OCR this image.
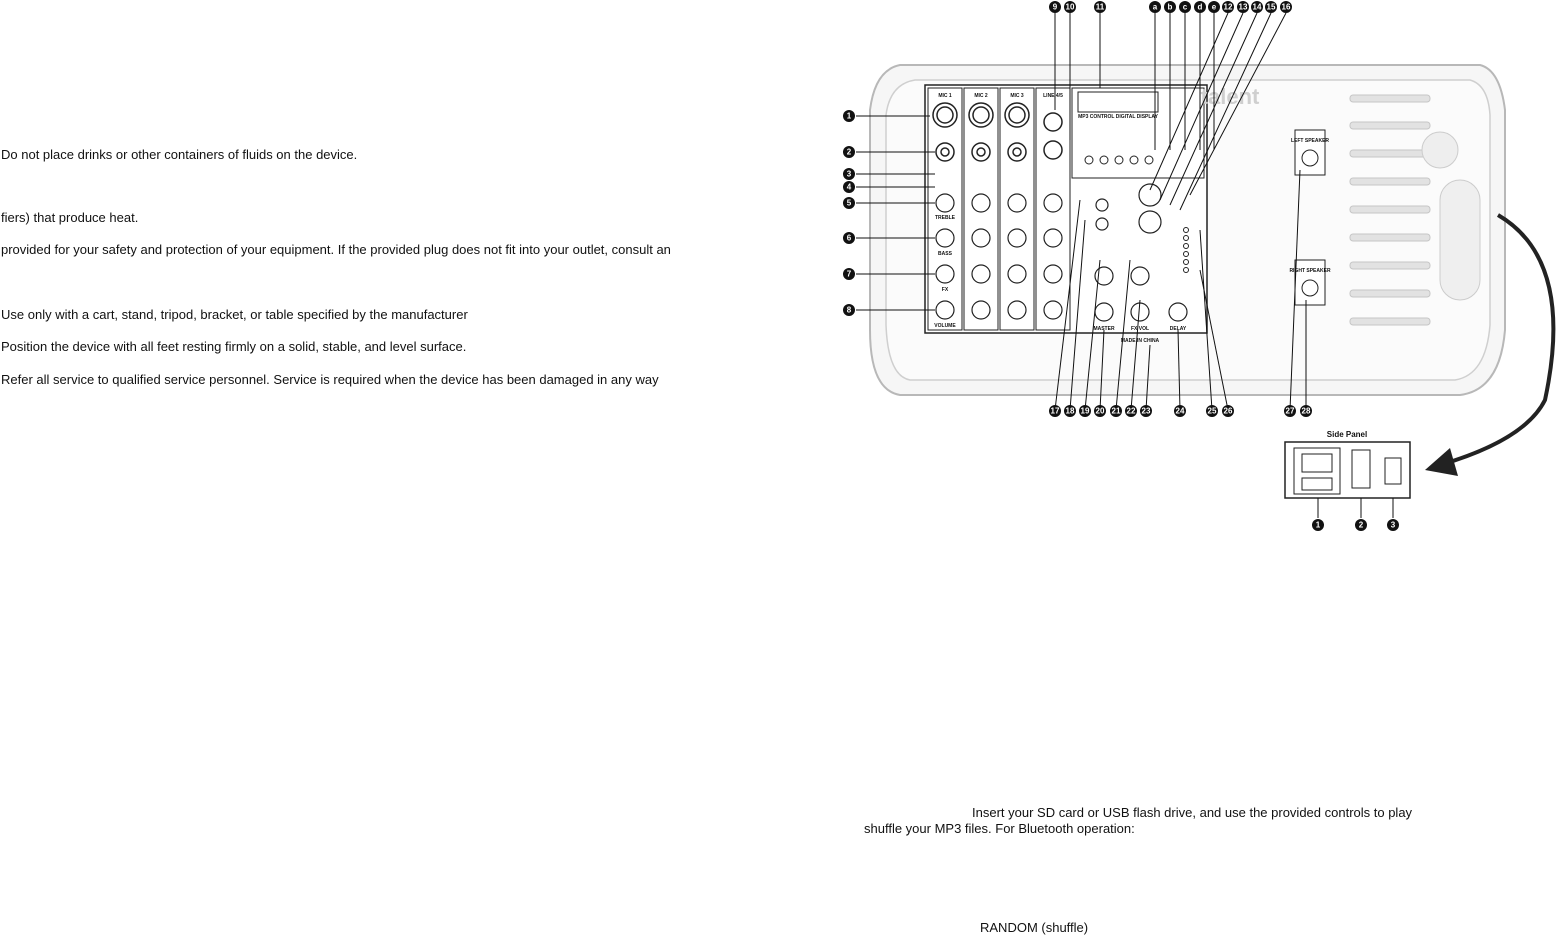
Do not place drinks or other containers of fluids on the device.
fiers) that produce heat.
provided for your safety and protection of your equipment. If the provided plug does not fit into your outlet, consult an
Use only with a cart, stand, tripod, bracket, or table specified by the manufacturer
Position the device with all feet resting firmly on a solid, stable, and level surface.
Refer all service to qualified service personnel. Service is required when the device has been damaged in any way
MIC 1	MIC 2	MIC 3	LINE 4/5
TREBLE
BASS
FX
VOLUME
MP3 CONTROL DIGITAL DISPLAY
talent
MASTER	FX VOL	DELAY
MADE IN CHINA
LEFT SPEAKER
RIGHT SPEAKER
1
2
3
4
5
6
7
8
9 10	11	a b c d e 12 13 14 15 16
17 18 19 20 21 22 23	24	25 26	27 28
Side Panel
1	2	3
Insert your SD card or USB flash drive, and use the provided controls to play
shuffle your MP3 files. For Bluetooth operation:
RANDOM (shuffle)
